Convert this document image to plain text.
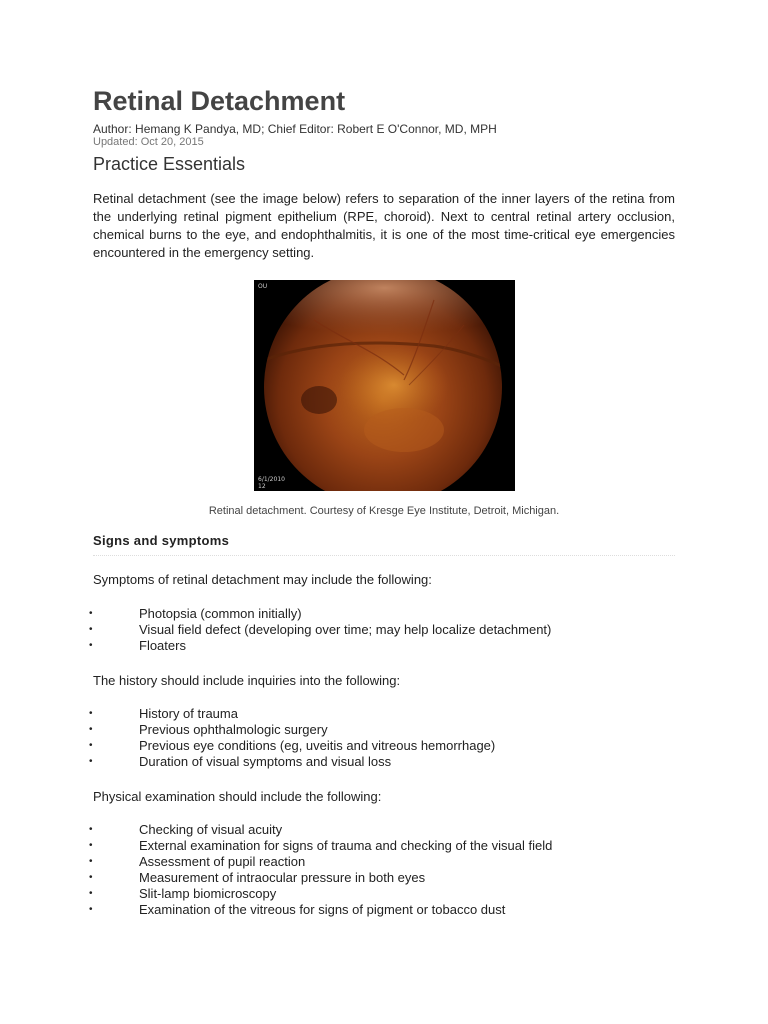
Retinal Detachment
Author: Hemang K Pandya, MD; Chief Editor: Robert E O'Connor, MD, MPH
Updated: Oct 20, 2015
Practice Essentials

Retinal detachment (see the image below) refers to separation of the inner layers of the retina from the underlying retinal pigment epithelium (RPE, choroid). Next to central retinal artery occlusion, chemical burns to the eye, and endophthalmitis, it is one of the most time-critical eye emergencies encountered in the emergency setting.

OU
6/1/2010
12
Retinal detachment. Courtesy of Kresge Eye Institute, Detroit, Michigan.
Signs and symptoms

Symptoms of retinal detachment may include the following:

•	Photopsia (common initially)
•	Visual field defect (developing over time; may help localize detachment)
•	Floaters

The history should include inquiries into the following:

•	History of trauma
•	Previous ophthalmologic surgery
•	Previous eye conditions (eg, uveitis and vitreous hemorrhage)
•	Duration of visual symptoms and visual loss

Physical examination should include the following:

•	Checking of visual acuity
•	External examination for signs of trauma and checking of the visual field
•	Assessment of pupil reaction
•	Measurement of intraocular pressure in both eyes
•	Slit-lamp biomicroscopy
•	Examination of the vitreous for signs of pigment or tobacco dust
